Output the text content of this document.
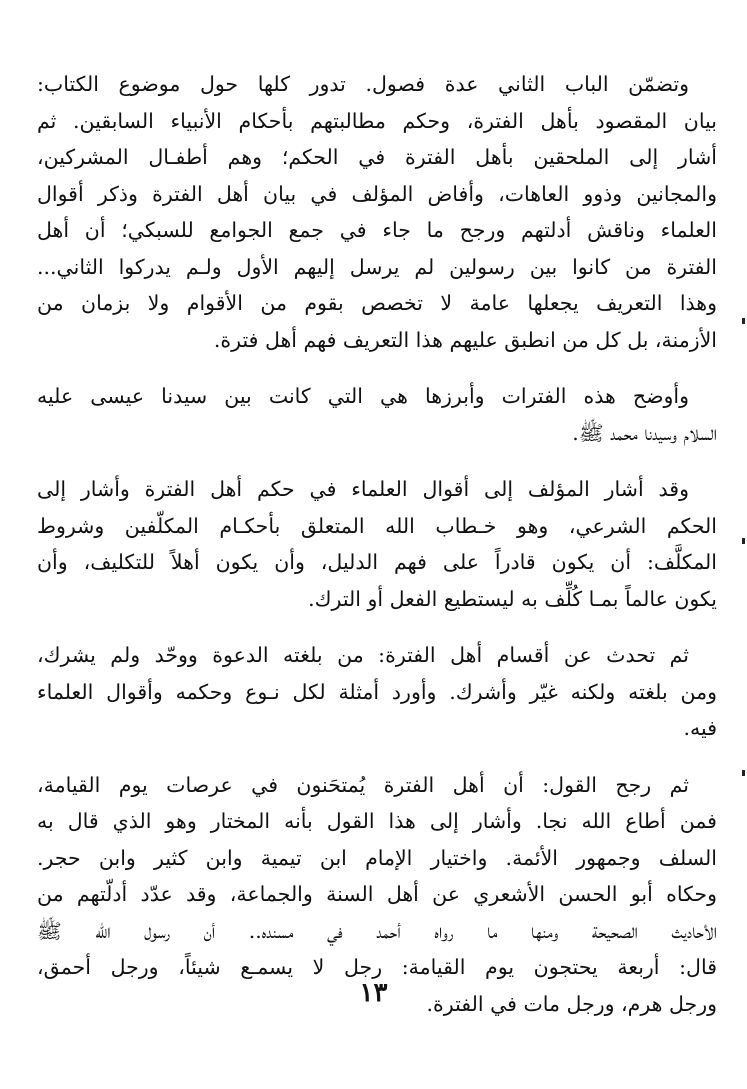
وتضمّن الباب الثاني عدة فصول. تدور كلها حول موضوع الكتاب:
بيان المقصود بأهل الفترة، وحكم مطالبتهم بأحكام الأنبياء السابقين. ثم
أشار إلى الملحقين بأهل الفترة في الحكم؛ وهم أطفـال المشركين،
والمجانين وذوو العاهات، وأفاض المؤلف في بيان أهل الفترة وذكر أقوال
العلماء وناقش أدلتهم ورجح ما جاء في جمع الجوامع للسبكي؛ أن أهل
الفترة من كانوا بين رسولين لم يرسل إليهم الأول ولـم يدركوا الثاني...
وهذا التعريف يجعلها عامة لا تخصص بقوم من الأقوام ولا بزمان من
الأزمنة، بل كل من انطبق عليهم هذا التعريف فهم أهل فترة.

وأوضح هذه الفترات وأبرزها هي التي كانت بين سيدنا عيسى عليه
السلام وسيدنا محمد ﷺ.

وقد أشار المؤلف إلى أقوال العلماء في حكم أهل الفترة وأشار إلى
الحكم الشرعي، وهو خـطاب الله المتعلق بأحكـام المكلّفين وشروط
المكلَّف: أن يكون قادراً على فهم الدليل، وأن يكون أهلاً للتكليف، وأن
يكون عالماً بمـا كُلِّف به ليستطيع الفعل أو الترك.

ثم تحدث عن أقسام أهل الفترة: من بلغته الدعوة ووحّد ولم يشرك،
ومن بلغته ولكنه غيّر وأشرك. وأورد أمثلة لكل نـوع وحكمه وأقوال العلماء
فيه.

ثم رجح القول: أن أهل الفترة يُمتحَنون في عرصات يوم القيامة،
فمن أطاع الله نجا. وأشار إلى هذا القول بأنه المختار وهو الذي قال به
السلف وجمهور الأئمة. واختيار الإمام ابن تيمية وابن كثير وابن حجر.
وحكاه أبو الحسن الأشعري عن أهل السنة والجماعة، وقد عدّد أدلّتهم من
الأحاديث الصحيحة ومنها ما رواه أحمد في مسنده.. أن رسول الله ﷺ
قال: أربعة يحتجون يوم القيامة: رجل لا يسمـع شيئاً، ورجل أحمق،
ورجل هرم، ورجل مات في الفترة.

١٣
